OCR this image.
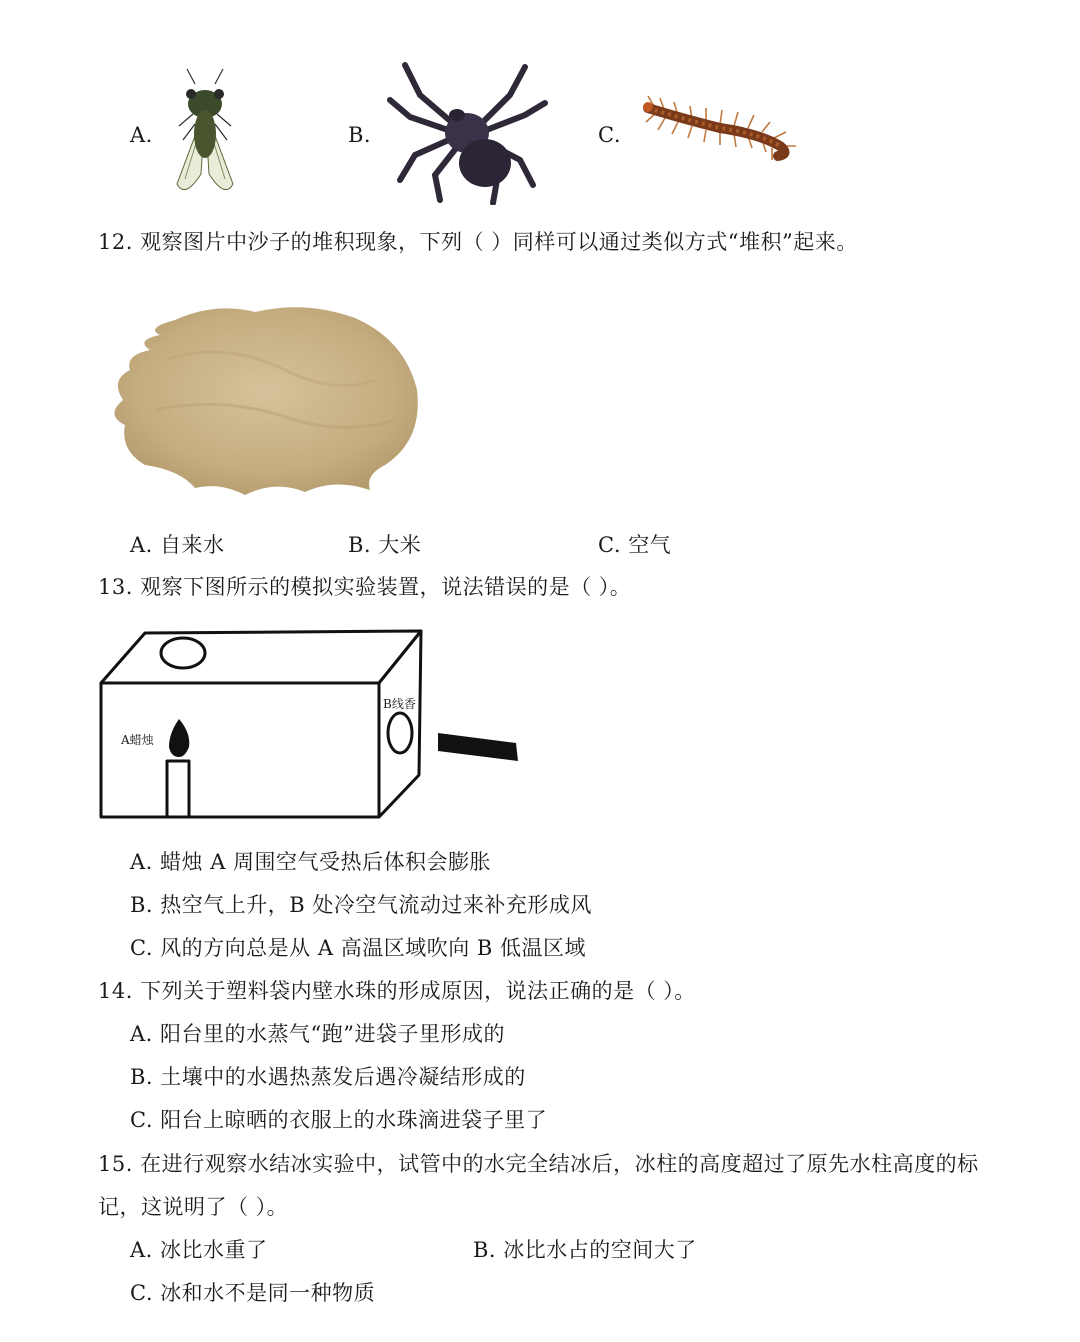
A.	B.	C.
12. 观察图片中沙子的堆积现象，下列（ ）同样可以通过类似方式“堆积”起来。
A. 自来水	B. 大米	C. 空气
13. 观察下图所示的模拟实验装置，说法错误的是（ ）。
A蜡烛
B线香
A. 蜡烛 A 周围空气受热后体积会膨胀
B. 热空气上升，B 处冷空气流动过来补充形成风
C. 风的方向总是从 A 高温区域吹向 B 低温区域
14. 下列关于塑料袋内壁水珠的形成原因，说法正确的是（ ）。
A. 阳台里的水蒸气“跑”进袋子里形成的
B. 土壤中的水遇热蒸发后遇冷凝结形成的
C. 阳台上晾晒的衣服上的水珠滴进袋子里了
15. 在进行观察水结冰实验中，试管中的水完全结冰后，冰柱的高度超过了原先水柱高度的标
记，这说明了（ ）。
A. 冰比水重了	B. 冰比水占的空间大了
C. 冰和水不是同一种物质
